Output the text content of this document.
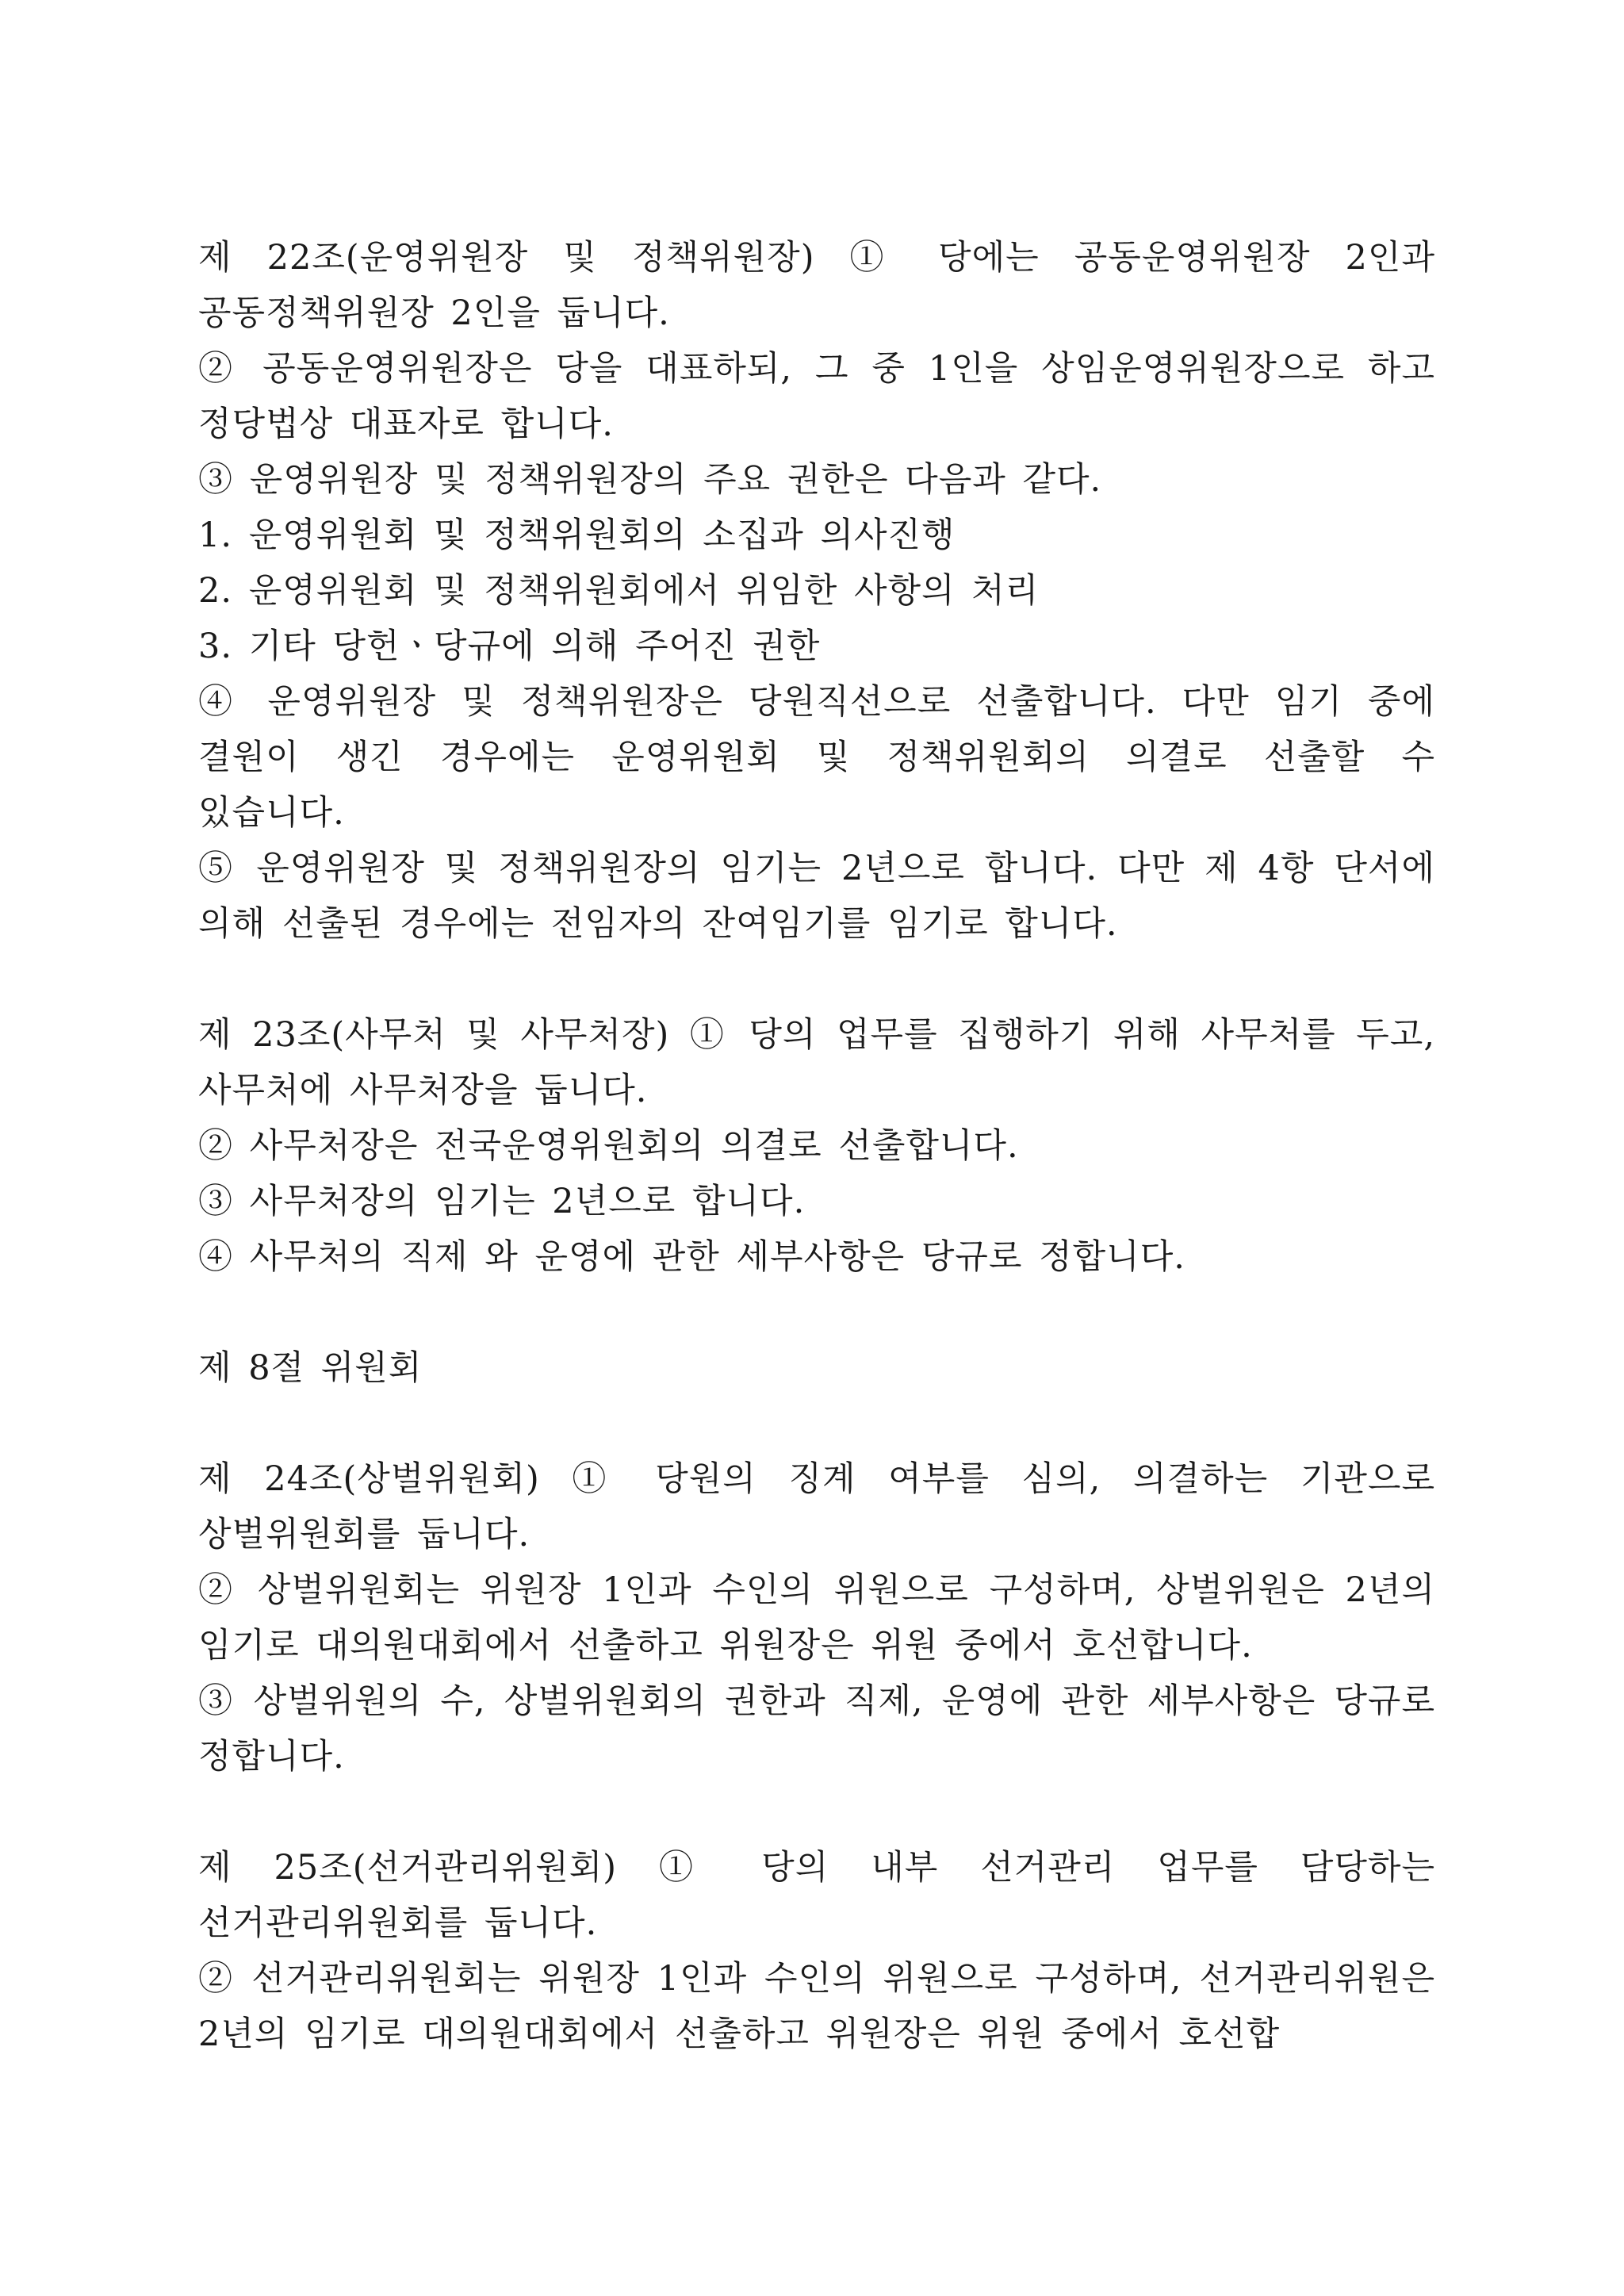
제 22조(운영위원장 및 정책위원장) ① 당에는 공동운영위원장 2인과 공동정책위원장 2인을 둡니다.

② 공동운영위원장은 당을 대표하되, 그 중 1인을 상임운영위원장으로 하고 정당법상 대표자로 합니다.

③ 운영위원장 및 정책위원장의 주요 권한은 다음과 같다.

1. 운영위원회 및 정책위원회의 소집과 의사진행

2. 운영위원회 및 정책위원회에서 위임한 사항의 처리

3. 기타 당헌ㆍ당규에 의해 주어진 권한

④ 운영위원장 및 정책위원장은 당원직선으로 선출합니다. 다만 임기 중에 결원이 생긴 경우에는 운영위원회 및 정책위원회의 의결로 선출할 수 있습니다.

⑤ 운영위원장 및 정책위원장의 임기는 2년으로 합니다. 다만 제 4항 단서에 의해 선출된 경우에는 전임자의 잔여임기를 임기로 합니다.

제 23조(사무처 및 사무처장) ① 당의 업무를 집행하기 위해 사무처를 두고, 사무처에 사무처장을 둡니다.

② 사무처장은 전국운영위원회의 의결로 선출합니다.

③ 사무처장의 임기는 2년으로 합니다.

④ 사무처의 직제 와 운영에 관한 세부사항은 당규로 정합니다.

제 8절 위원회

제 24조(상벌위원회) ① 당원의 징계 여부를 심의, 의결하는 기관으로 상벌위원회를 둡니다.

② 상벌위원회는 위원장 1인과 수인의 위원으로 구성하며, 상벌위원은 2년의 임기로 대의원대회에서 선출하고 위원장은 위원 중에서 호선합니다.

③ 상벌위원의 수, 상벌위원회의 권한과 직제, 운영에 관한 세부사항은 당규로 정합니다.

제 25조(선거관리위원회) ① 당의 내부 선거관리 업무를 담당하는 선거관리위원회를 둡니다.

② 선거관리위원회는 위원장 1인과 수인의 위원으로 구성하며, 선거관리위원은 2년의 임기로 대의원대회에서 선출하고 위원장은 위원 중에서 호선합
